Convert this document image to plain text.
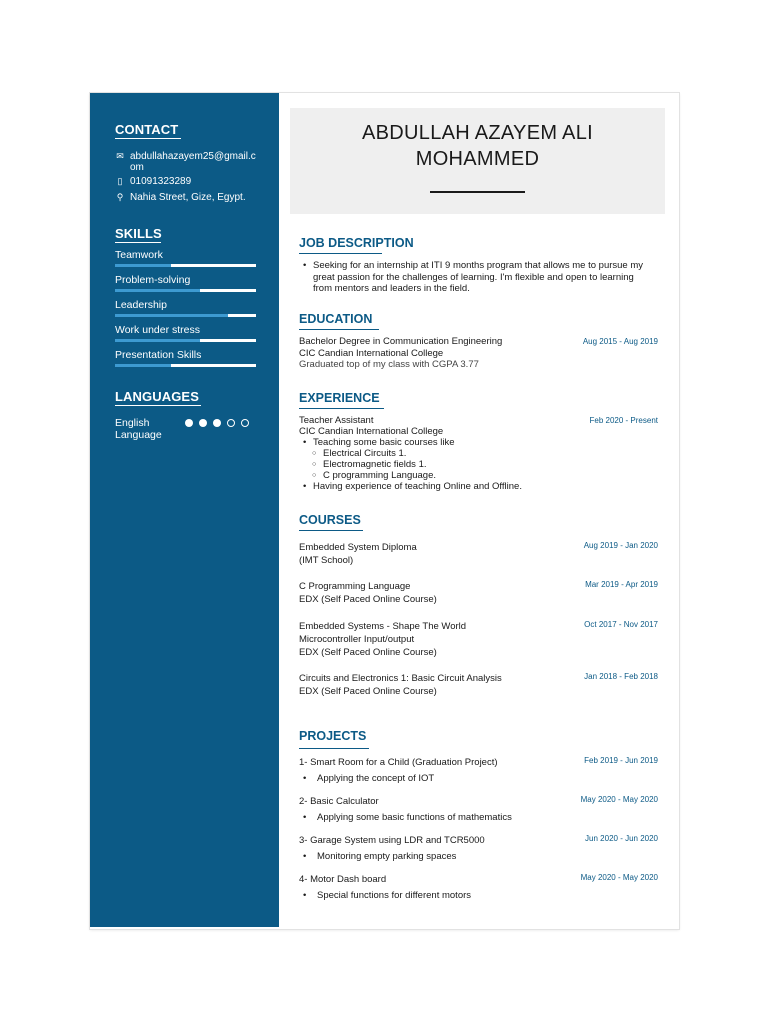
CONTACT
✉ abdullahazayem25@gmail.com
▯ 01091323289
⚲ Nahia Street, Gize, Egypt.
SKILLS
Teamwork
Problem-solving
Leadership
Work under stress
Presentation Skills
LANGUAGES
English Language
ABDULLAH AZAYEM ALI MOHAMMED
JOB DESCRIPTION
• Seeking for an internship at ITI 9 months program that allows me to pursue my great passion for the challenges of learning. I'm flexible and open to learning from mentors and leaders in the field.
EDUCATION
Bachelor Degree in Communication Engineering
CIC Candian International College
Graduated top of my class with CGPA 3.77
Aug 2015 - Aug 2019
EXPERIENCE
Teacher Assistant
CIC Candian International College
• Teaching some basic courses like
○ Electrical Circuits 1.
○ Electromagnetic fields 1.
○ C programming Language.
• Having experience of teaching Online and Offline.
Feb 2020 - Present
COURSES
Embedded System Diploma
(IMT School)
Aug 2019 - Jan 2020
C Programming Language
EDX (Self Paced Online Course)
Mar 2019 - Apr 2019
Embedded Systems - Shape The World
Microcontroller Input/output
EDX (Self Paced Online Course)
Oct 2017 - Nov 2017
Circuits and Electronics 1: Basic Circuit Analysis
EDX (Self Paced Online Course)
Jan 2018 - Feb 2018
PROJECTS
1- Smart Room for a Child (Graduation Project)
• Applying the concept of IOT
Feb 2019 - Jun 2019
2- Basic Calculator
• Applying some basic functions of mathematics
May 2020 - May 2020
3- Garage System using LDR and TCR5000
• Monitoring empty parking spaces
Jun 2020 - Jun 2020
4- Motor Dash board
• Special functions for different motors
May 2020 - May 2020
